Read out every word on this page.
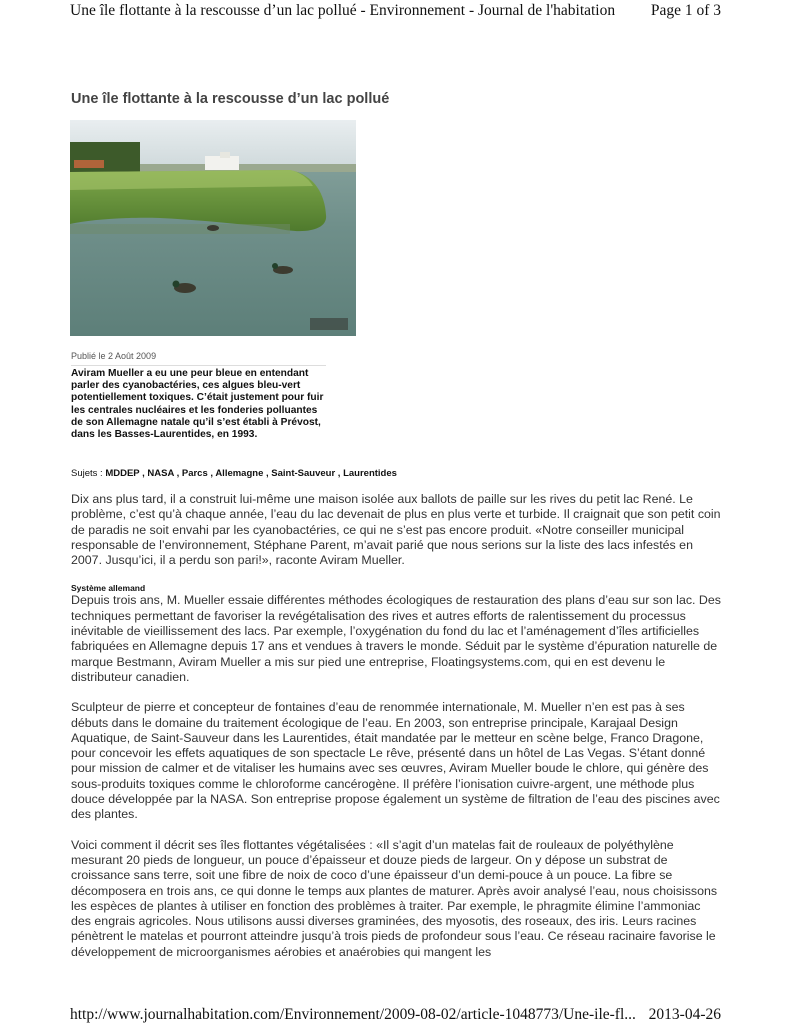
Une île flottante à la rescousse d’un lac pollué - Environnement - Journal de l'habitation Page 1 of 3
Une île flottante à la rescousse d’un lac pollué
Publié le 2 Août 2009
Aviram Mueller a eu une peur bleue en entendant parler des cyanobactéries, ces algues bleu-vert potentiellement toxiques. C’était justement pour fuir les centrales nucléaires et les fonderies polluantes de son Allemagne natale qu’il s’est établi à Prévost, dans les Basses-Laurentides, en 1993.
Sujets : MDDEP , NASA , Parcs , Allemagne , Saint-Sauveur , Laurentides

Dix ans plus tard, il a construit lui-même une maison isolée aux ballots de paille sur les rives du petit lac René. Le problème, c’est qu’à chaque année, l’eau du lac devenait de plus en plus verte et turbide. Il craignait que son petit coin de paradis ne soit envahi par les cyanobactéries, ce qui ne s’est pas encore produit. «Notre conseiller municipal responsable de l’environnement, Stéphane Parent, m’avait parié que nous serions sur la liste des lacs infestés en 2007. Jusqu’ici, il a perdu son pari!», raconte Aviram Mueller.

Système allemand

Depuis trois ans, M. Mueller essaie différentes méthodes écologiques de restauration des plans d’eau sur son lac. Des techniques permettant de favoriser la revégétalisation des rives et autres efforts de ralentissement du processus inévitable de vieillissement des lacs. Par exemple, l’oxygénation du fond du lac et l’aménagement d’îles artificielles fabriquées en Allemagne depuis 17 ans et vendues à travers le monde. Séduit par le système d’épuration naturelle de marque Bestmann, Aviram Mueller a mis sur pied une entreprise, Floatingsystems.com, qui en est devenu le distributeur canadien.

Sculpteur de pierre et concepteur de fontaines d’eau de renommée internationale, M. Mueller n’en est pas à ses débuts dans le domaine du traitement écologique de l’eau. En 2003, son entreprise principale, Karajaal Design Aquatique, de Saint-Sauveur dans les Laurentides, était mandatée par le metteur en scène belge, Franco Dragone, pour concevoir les effets aquatiques de son spectacle Le rêve, présenté dans un hôtel de Las Vegas. S’étant donné pour mission de calmer et de vitaliser les humains avec ses œuvres, Aviram Mueller boude le chlore, qui génère des sous-produits toxiques comme le chloroforme cancérogène. Il préfère l’ionisation cuivre-argent, une méthode plus douce développée par la NASA. Son entreprise propose également un système de filtration de l’eau des piscines avec des plantes.

Voici comment il décrit ses îles flottantes végétalisées : «Il s’agit d’un matelas fait de rouleaux de polyéthylène mesurant 20 pieds de longueur, un pouce d’épaisseur et douze pieds de largeur. On y dépose un substrat de croissance sans terre, soit une fibre de noix de coco d’une épaisseur d’un demi-pouce à un pouce. La fibre se décomposera en trois ans, ce qui donne le temps aux plantes de maturer. Après avoir analysé l’eau, nous choisissons les espèces de plantes à utiliser en fonction des problèmes à traiter. Par exemple, le phragmite élimine l’ammoniac des engrais agricoles. Nous utilisons aussi diverses graminées, des myosotis, des roseaux, des iris. Leurs racines pénètrent le matelas et pourront atteindre jusqu’à trois pieds de profondeur sous l’eau. Ce réseau racinaire favorise le développement de microorganismes aérobies et anaérobies qui mangent les

http://www.journalhabitation.com/Environnement/2009-08-02/article-1048773/Une-ile-fl... 2013-04-26
